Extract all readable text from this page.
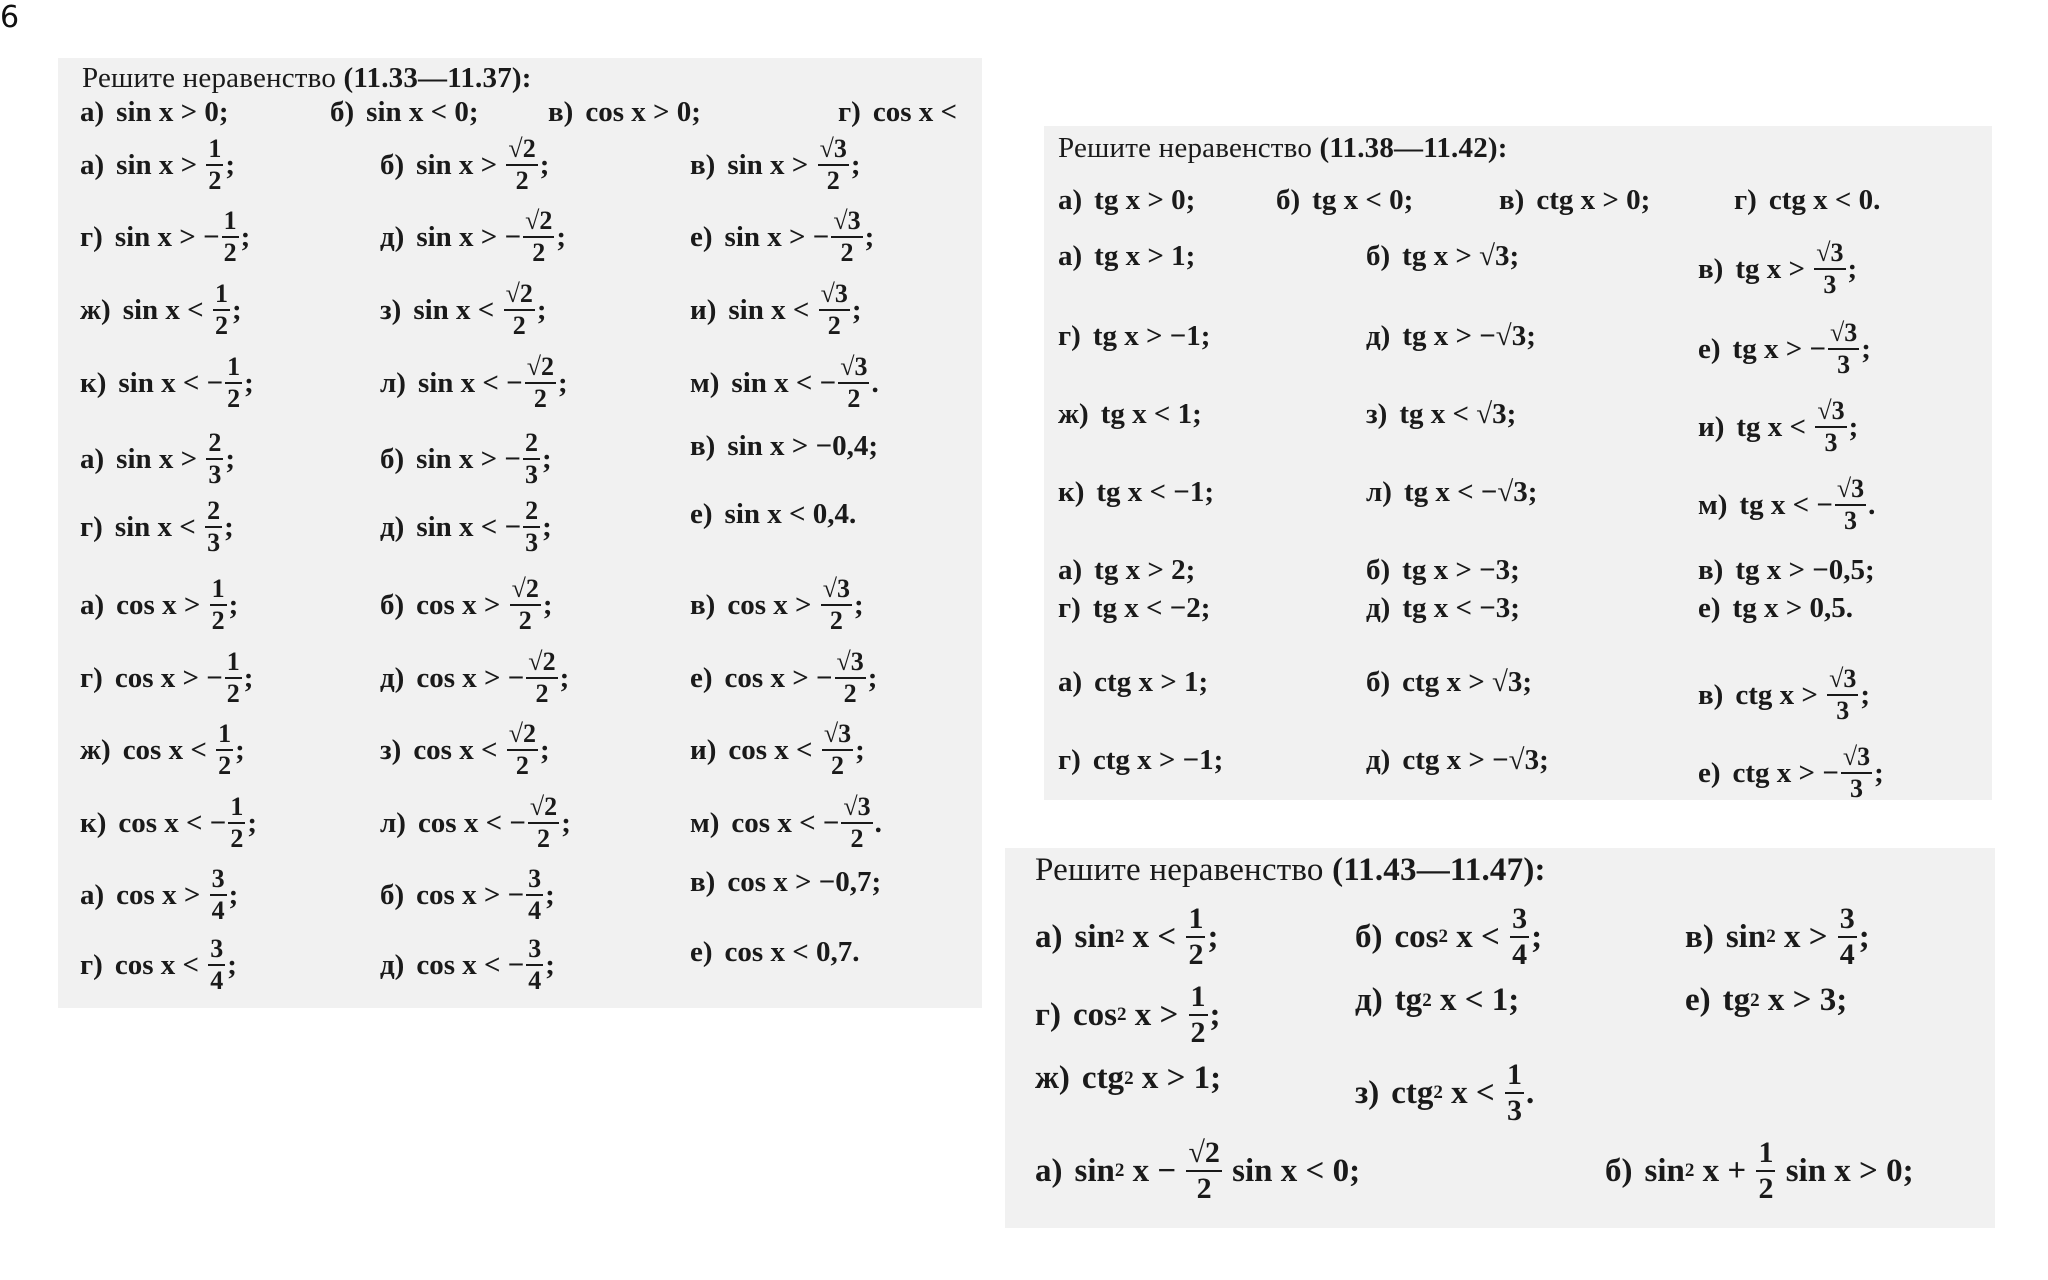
6
Решите неравенство (11.33—11.37):
а) sin x > 0;	б) sin x < 0; в) cos x > 0;	г) cos x <
а) $\sin x > \frac{1}{2}$ ;	б) $\sin x > \frac{√2}{2}$ ;	в) $\sin x > \frac{√3}{2}$ ;
г) sin x > − $\frac{1}{2}$ ;	д) sin x > − $\frac{√2}{2}$ ;	е) sin x > − $\frac{√3}{2}$ ;
ж) $\sin x < \frac{1}{2}$ ;	з) $\sin x < \frac{√2}{2}$ ;	и) $\sin x < \frac{√3}{2}$ ;
к) sin x < − $\frac{1}{2}$ ;	л) sin x < − $\frac{√2}{2}$ ;	м) sin x < − $\frac{√3}{2}$ .
а) $\sin x > \frac{2}{3}$ ;	б) sin x > − $\frac{2}{3}$ ;	в) sin x > −0,4;
г) $\sin x < \frac{2}{3}$ ;	д) sin x < − $\frac{2}{3}$ ;	е) sin x < 0,4.
а) $\cos x > \frac{1}{2}$ ;	б) $\cos x > \frac{√2}{2}$ ;	в) $\cos x > \frac{√3}{2}$ ;
г) cos x > − $\frac{1}{2}$ ;	д) cos x > − $\frac{√2}{2}$ ;	е) cos x > − $\frac{√3}{2}$ ;
ж) $\cos x < \frac{1}{2}$ ;	з) $\cos x < \frac{√2}{2}$ ;	и) $\cos x < \frac{√3}{2}$ ;
к) cos x < − $\frac{1}{2}$ ;	л) cos x < − $\frac{√2}{2}$ ;	м) cos x < − $\frac{√3}{2}$ .
а) $\cos x > \frac{3}{4}$ ;	б) cos x > − $\frac{3}{4}$ ;	в) cos x > −0,7;
г) $\cos x < \frac{3}{4}$ ;	д) cos x < − $\frac{3}{4}$ ;	е) cos x < 0,7.
Решите неравенство (11.38—11.42):
а) tg x > 0;	б) tg x < 0;	в) ctg x > 0;	г) ctg x < 0.
а) tg x > 1;	б) tg x > √3;	в) tg $x > \frac{√3}{3}$ ;
г) tg x > −1;	д) tg x > −√3;	е) tg x > − $\frac{√3}{3}$ ;
ж) tg x < 1;	з) tg x < √3;	и) tg $x < \frac{√3}{3}$ ;
к) tg x < −1;	л) tg x < −√3;	м) tg x < − $\frac{√3}{3}$ .
а) tg x > 2;	б) tg x > −3;	в) tg x > −0,5;
г) tg x < −2;	д) tg x < −3;	е) tg x > 0,5.
а) ctg x > 1;	б) ctg x > √3;	в) ctg $x > \frac{√3}{3}$ ;
г) ctg x > −1;	д) ctg x > −√3;	е) ctg x > − $\frac{√3}{3}$ ;
Решите неравенство (11.43—11.47):
а) sin 2 $x < \frac{1}{2}$ ;	б) cos 2 $x < \frac{3}{4}$ ;	в) sin 2 $x > \frac{3}{4}$ ;
г) cos 2 $x > \frac{1}{2}$ ;	д) tg 2 x < 1;	е) tg 2 x > 3;
ж) ctg 2 x > 1;	з) ctg 2 $x < \frac{1}{3}$ .
а) sin 2 $x - \frac{√2}{2}$ sin x < 0;	б) sin 2 $x + \frac{1}{2}$ sin x > 0;
